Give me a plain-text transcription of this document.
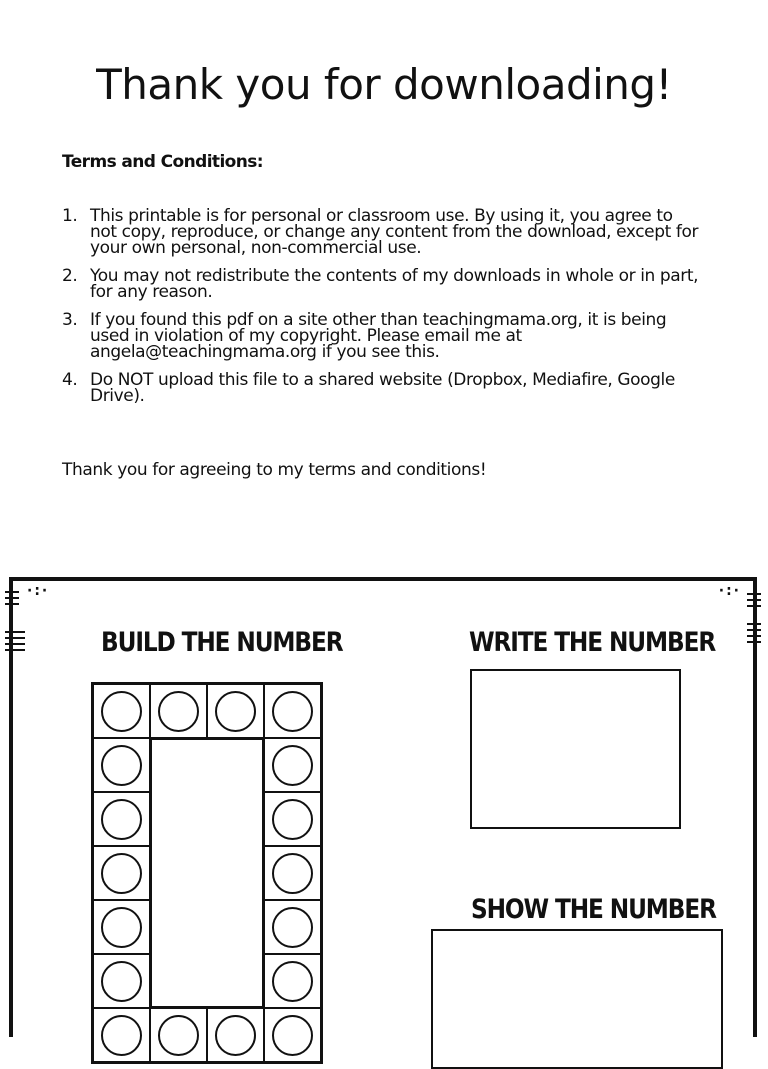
Thank you for downloading!
Terms and Conditions:
1. This printable is for personal or classroom use. By using it, you agree to not copy, reproduce, or change any content from the download, except for your own personal, non-commercial use.
2. You may not redistribute the contents of my downloads in whole or in part, for any reason.
3. If you found this pdf on a site other than teachingmama.org, it is being used in violation of my copyright. Please email me at angela@teachingmama.org if you see this.
4. Do NOT upload this file to a shared website (Dropbox, Mediafire, Google Drive).
Thank you for agreeing to my terms and conditions!
·:·	·:·
BUILD THE NUMBER	WRITE THE NUMBER
SHOW THE NUMBER
